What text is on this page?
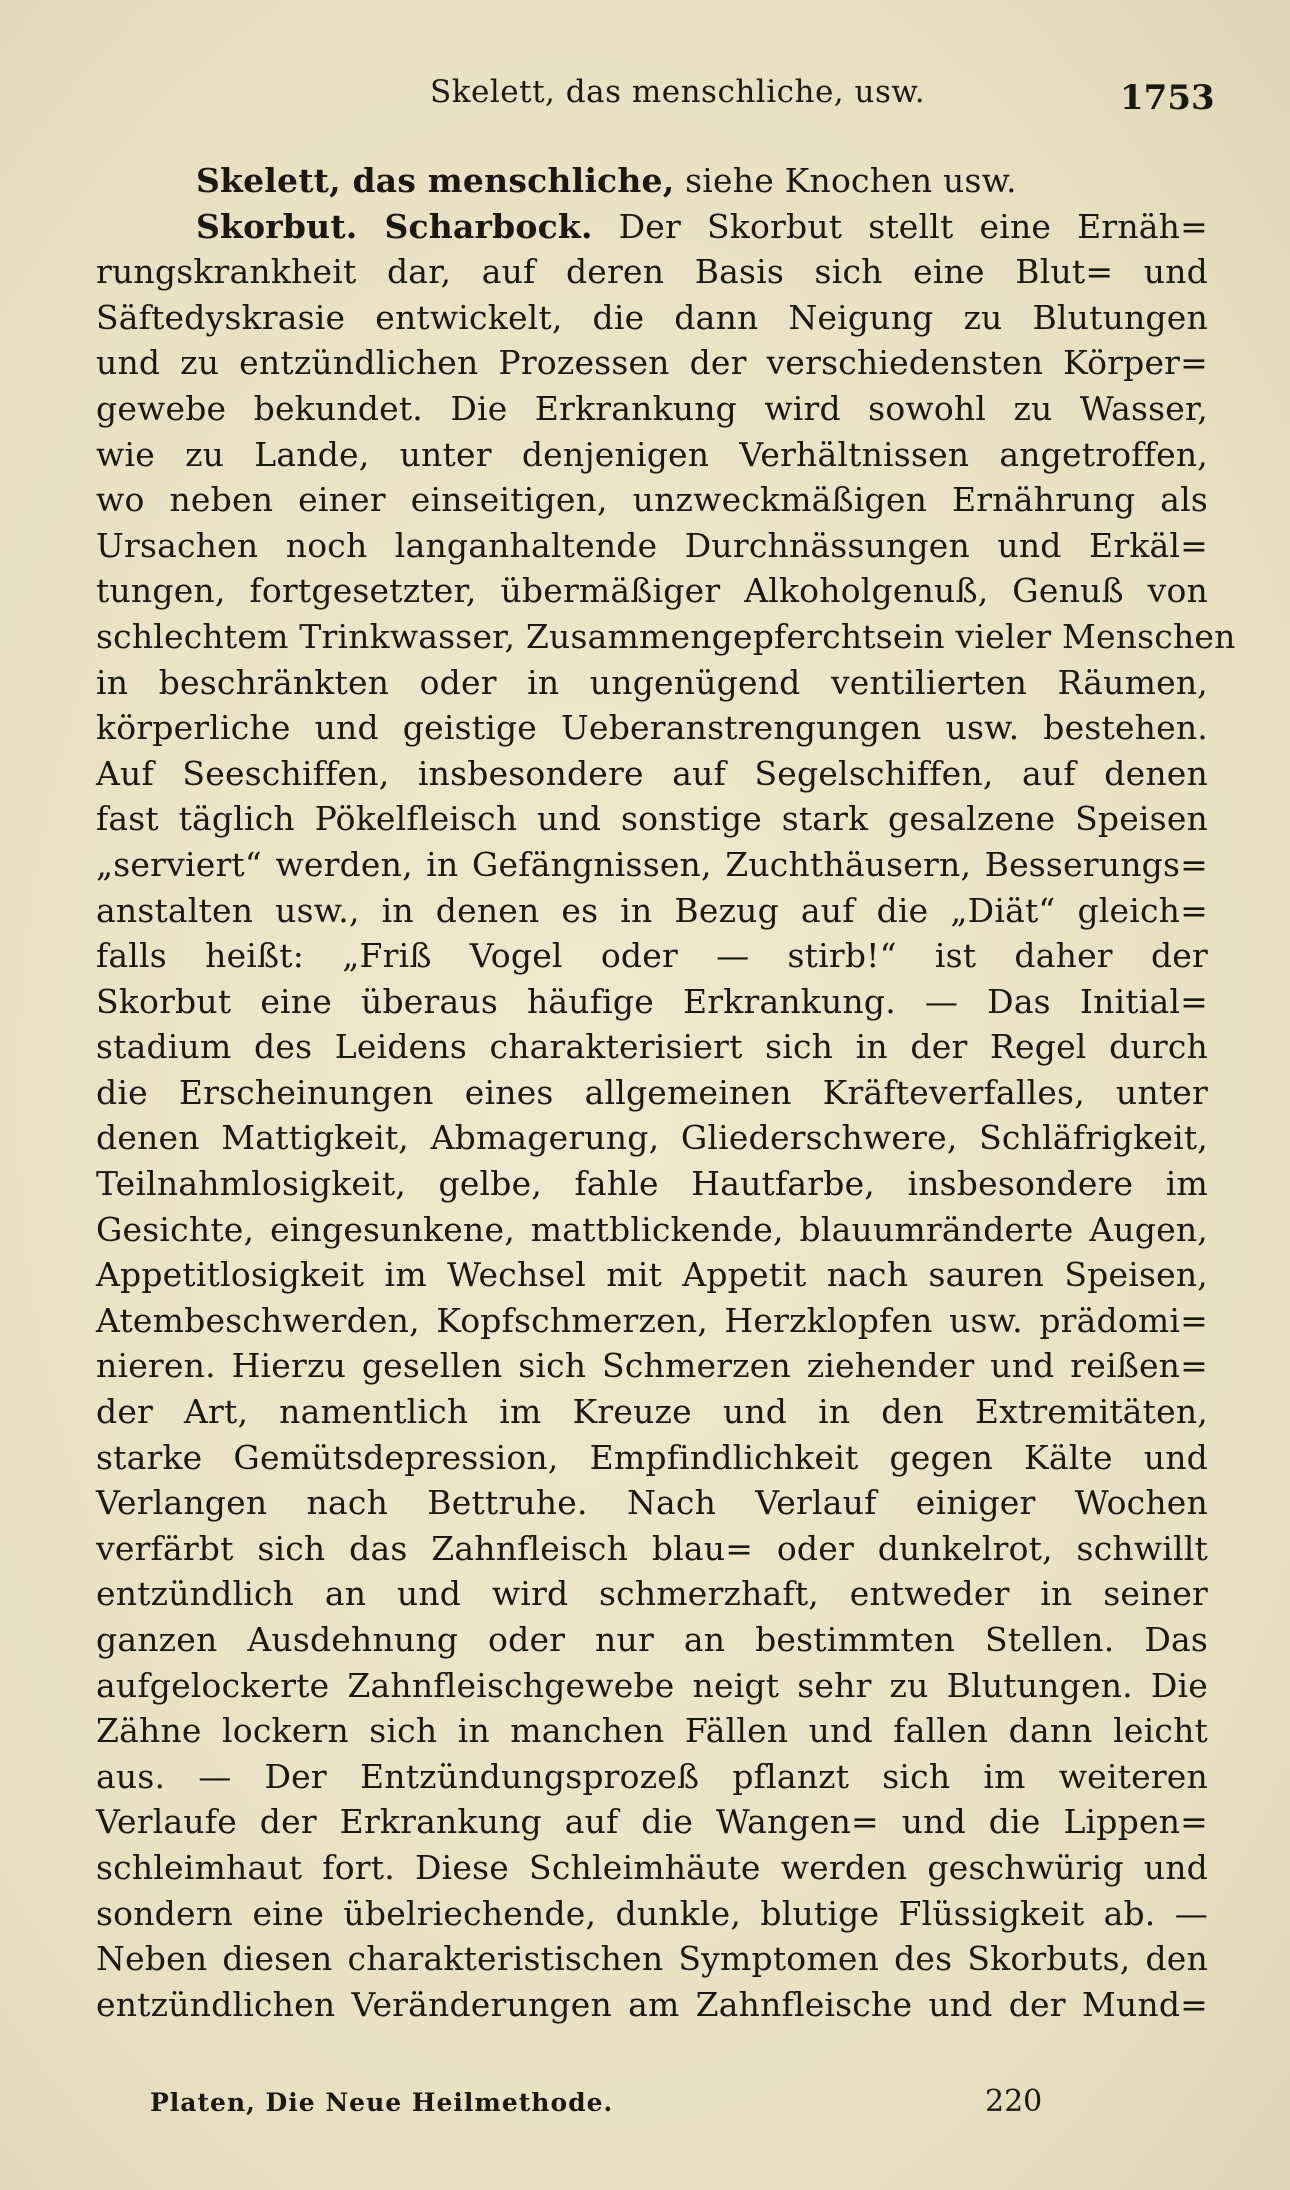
Skelett, das menschliche, usw.	1753
Skelett, das menschliche, siehe Knochen usw.
Skorbut. Scharbock. Der Skorbut stellt eine Ernäh=
rungskrankheit dar, auf deren Basis sich eine Blut= und
Säftedyskrasie entwickelt, die dann Neigung zu Blutungen
und zu entzündlichen Prozessen der verschiedensten Körper=
gewebe bekundet. Die Erkrankung wird sowohl zu Wasser,
wie zu Lande, unter denjenigen Verhältnissen angetroffen,
wo neben einer einseitigen, unzweckmäßigen Ernährung als
Ursachen noch langanhaltende Durchnässungen und Erkäl=
tungen, fortgesetzter, übermäßiger Alkoholgenuß, Genuß von
schlechtem Trinkwasser, Zusammengepferchtsein vieler Menschen
in beschränkten oder in ungenügend ventilierten Räumen,
körperliche und geistige Ueberanstrengungen usw. bestehen.
Auf Seeschiffen, insbesondere auf Segelschiffen, auf denen
fast täglich Pökelfleisch und sonstige stark gesalzene Speisen
„serviert“ werden, in Gefängnissen, Zuchthäusern, Besserungs=
anstalten usw., in denen es in Bezug auf die „Diät“ gleich=
falls heißt: „Friß Vogel oder — stirb!“ ist daher der
Skorbut eine überaus häufige Erkrankung. — Das Initial=
stadium des Leidens charakterisiert sich in der Regel durch
die Erscheinungen eines allgemeinen Kräfteverfalles, unter
denen Mattigkeit, Abmagerung, Gliederschwere, Schläfrigkeit,
Teilnahmlosigkeit, gelbe, fahle Hautfarbe, insbesondere im
Gesichte, eingesunkene, mattblickende, blauumränderte Augen,
Appetitlosigkeit im Wechsel mit Appetit nach sauren Speisen,
Atembeschwerden, Kopfschmerzen, Herzklopfen usw. prädomi=
nieren. Hierzu gesellen sich Schmerzen ziehender und reißen=
der Art, namentlich im Kreuze und in den Extremitäten,
starke Gemütsdepression, Empfindlichkeit gegen Kälte und
Verlangen nach Bettruhe. Nach Verlauf einiger Wochen
verfärbt sich das Zahnfleisch blau= oder dunkelrot, schwillt
entzündlich an und wird schmerzhaft, entweder in seiner
ganzen Ausdehnung oder nur an bestimmten Stellen. Das
aufgelockerte Zahnfleischgewebe neigt sehr zu Blutungen. Die
Zähne lockern sich in manchen Fällen und fallen dann leicht
aus. — Der Entzündungsprozeß pflanzt sich im weiteren
Verlaufe der Erkrankung auf die Wangen= und die Lippen=
schleimhaut fort. Diese Schleimhäute werden geschwürig und
sondern eine übelriechende, dunkle, blutige Flüssigkeit ab. —
Neben diesen charakteristischen Symptomen des Skorbuts, den
entzündlichen Veränderungen am Zahnfleische und der Mund=
Platen, Die Neue Heilmethode.	220
